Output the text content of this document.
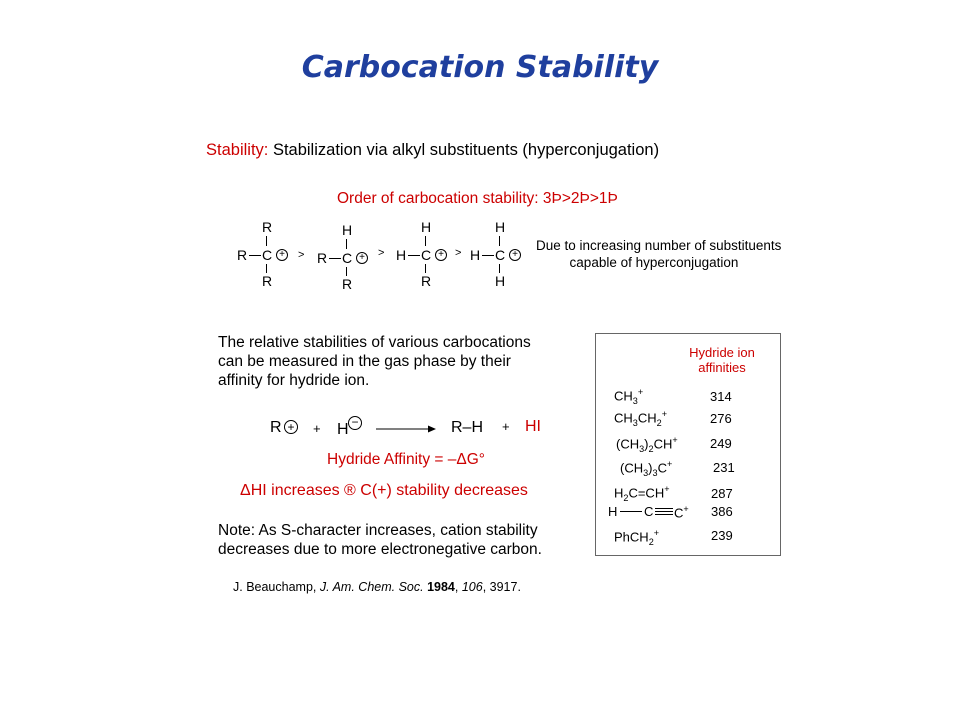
Carbocation Stability
Stability: Stabilization via alkyl substituents (hyperconjugation)
Order of carbocation stability: 3Þ>2Þ>1Þ
R
R C
R
+ >
H
R C
R
+ >
H
H C
R
+ >
H
H C
H
+
Due to increasing number of substituents
capable of hyperconjugation
The relative stabilities of various carbocations
can be measured in the gas phase by their
affinity for hydride ion.
R + + H − → R–H + HI
Hydride Affinity = –ΔG°
ΔHI increases ® C(+) stability decreases
Note: As S-character increases, cation stability
decreases due to more electronegative carbon.
J. Beauchamp, J. Am. Chem. Soc. 1984, 106, 3917.
Hydride ion
affinities
$CH_3^+$	314
$CH_3CH_2^+$	276
$(CH_3)_2CH^+$ 249
$(CH_3)_3C^+$	231
$H_2C=CH^+$	287
H C C+ 386
PhCH$_2$+	239
